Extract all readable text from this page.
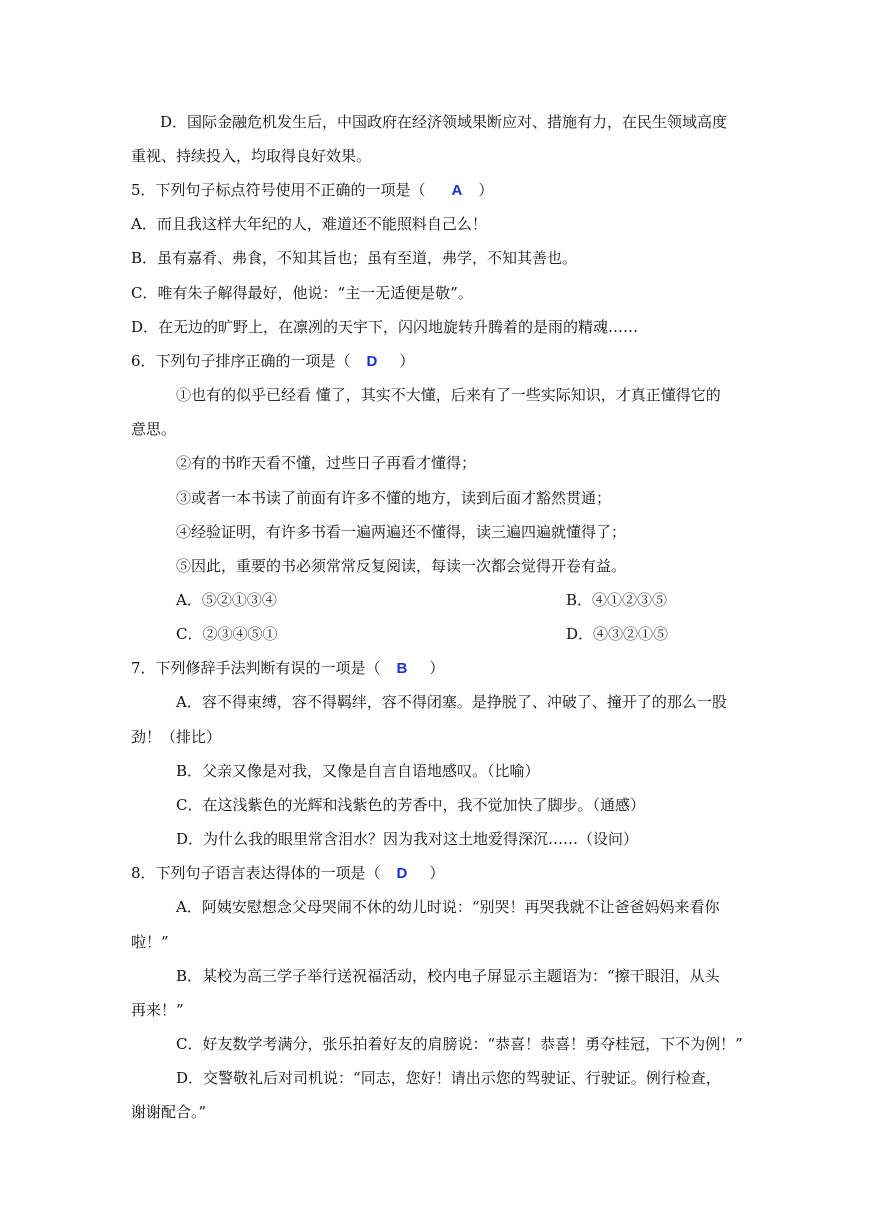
D．国际金融危机发生后，中国政府在经济领域果断应对、措施有力，在民生领域高度
重视、持续投入，均取得良好效果。
5．下列句子标点符号使用不正确的一项是（ A ）
A．而且我这样大年纪的人，难道还不能照料自己么！
B．虽有嘉肴、弗食，不知其旨也；虽有至道，弗学，不知其善也。
C．唯有朱子解得最好，他说：“主一无适便是敬”。
D．在无边的旷野上，在凛冽的天宇下，闪闪地旋转升腾着的是雨的精魂……
6．下列句子排序正确的一项是（ D ）
①也有的似乎已经看 懂了，其实不大懂，后来有了一些实际知识，才真正懂得它的
意思。
②有的书昨天看不懂，过些日子再看才懂得；
③或者一本书读了前面有许多不懂的地方，读到后面才豁然贯通；
④经验证明，有许多书看一遍两遍还不懂得，读三遍四遍就懂得了；
⑤因此，重要的书必须常常反复阅读，每读一次都会觉得开卷有益。
A．⑤②①③④	B．④①②③⑤
C．②③④⑤①	D．④③②①⑤
7．下列修辞手法判断有误的一项是（ B ）
A．容不得束缚，容不得羁绊，容不得闭塞。是挣脱了、冲破了、撞开了的那么一股
劲！（排比）
B．父亲又像是对我，又像是自言自语地感叹。（比喻）
C．在这浅紫色的光辉和浅紫色的芳香中，我不觉加快了脚步。（通感）
D．为什么我的眼里常含泪水？因为我对这土地爱得深沉……（设问）
8．下列句子语言表达得体的一项是（ D ）
A．阿姨安慰想念父母哭闹不休的幼儿时说：“别哭！再哭我就不让爸爸妈妈来看你
啦！”
B．某校为高三学子举行送祝福活动，校内电子屏显示主题语为：“擦干眼泪，从头
再来！”
C．好友数学考满分，张乐拍着好友的肩膀说：“恭喜！恭喜！勇夺桂冠，下不为例！”
D．交警敬礼后对司机说：“同志，您好！请出示您的驾驶证、行驶证。例行检查，
谢谢配合。”
